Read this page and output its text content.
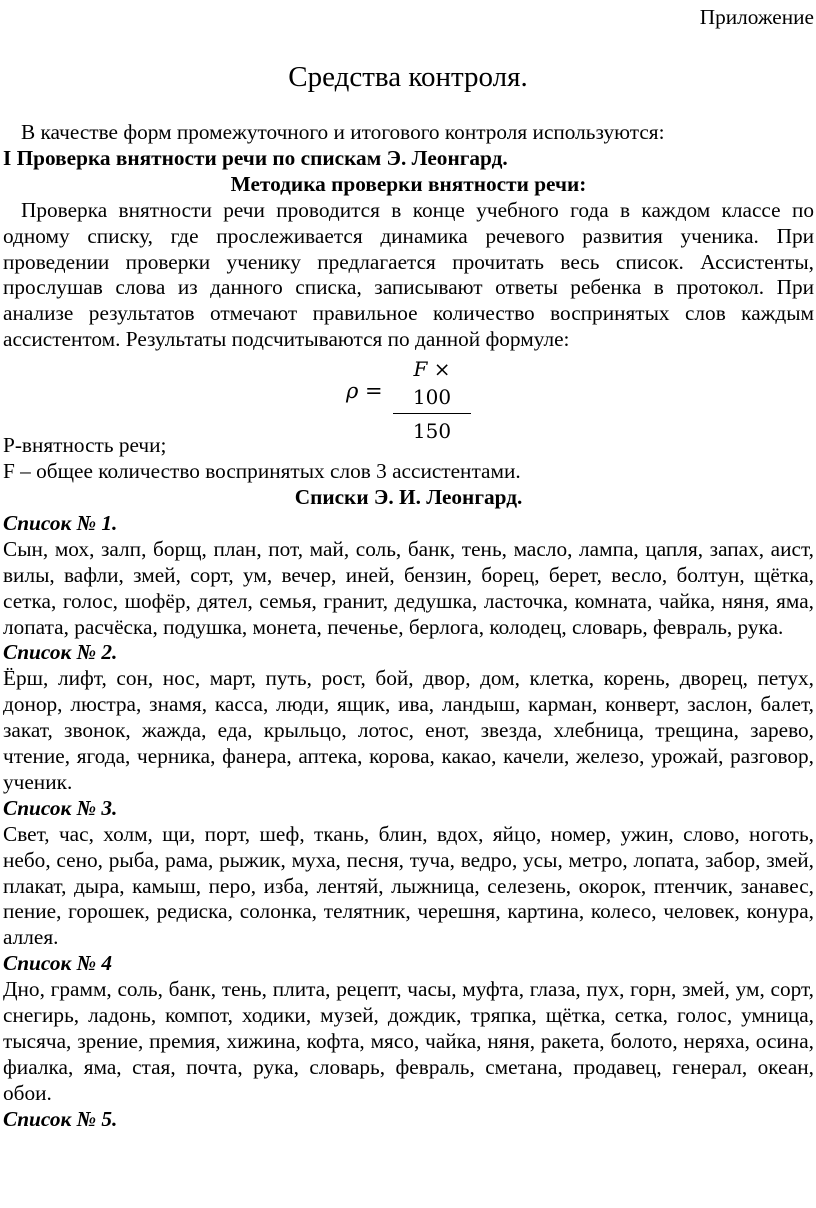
Приложение
Средства контроля.

В качестве форм промежуточного и итогового контроля используются:

I Проверка внятности речи по спискам Э. Леонгард.

Методика проверки внятности речи:

Проверка внятности речи проводится в конце учебного года в каждом классе по одному списку, где прослеживается динамика речевого развития ученика. При проведении проверки ученику предлагается прочитать весь список. Ассистенты, прослушав слова из данного списка, записывают ответы ребенка в протокол. При анализе результатов отмечают правильное количество воспринятых слов каждым ассистентом. Результаты подсчитываются по данной формуле:

ρ =
F × 100
150

Р-внятность речи;

F – общее количество воспринятых слов 3 ассистентами.

Списки Э. И. Леонгард.

Список № 1.

Сын, мох, залп, борщ, план, пот, май, соль, банк, тень, масло, лампа, цапля, запах, аист, вилы, вафли, змей, сорт, ум, вечер, иней, бензин, борец, берет, весло, болтун, щётка, сетка, голос, шофёр, дятел, семья, гранит, дедушка, ласточка, комната, чайка, няня, яма, лопата, расчёска, подушка, монета, печенье, берлога, колодец, словарь, февраль, рука.

Список № 2.

Ёрш, лифт, сон, нос, март, путь, рост, бой, двор, дом, клетка, корень, дворец, петух, донор, люстра, знамя, касса, люди, ящик, ива, ландыш, карман, конверт, заслон, балет, закат, звонок, жажда, еда, крыльцо, лотос, енот, звезда, хлебница, трещина, зарево, чтение, ягода, черника, фанера, аптека, корова, какао, качели, железо, урожай, разговор, ученик.

Список № 3.

Свет, час, холм, щи, порт, шеф, ткань, блин, вдох, яйцо, номер, ужин, слово, ноготь, небо, сено, рыба, рама, рыжик, муха, песня, туча, ведро, усы, метро, лопата, забор, змей, плакат, дыра, камыш, перо, изба, лентяй, лыжница, селезень, окорок, птенчик, занавес, пение, горошек, редиска, солонка, телятник, черешня, картина, колесо, человек, конура, аллея.

Список № 4

Дно, грамм, соль, банк, тень, плита, рецепт, часы, муфта, глаза, пух, горн, змей, ум, сорт, снегирь, ладонь, компот, ходики, музей, дождик, тряпка, щётка, сетка, голос, умница, тысяча, зрение, премия, хижина, кофта, мясо, чайка, няня, ракета, болото, неряха, осина, фиалка, яма, стая, почта, рука, словарь, февраль, сметана, продавец, генерал, океан, обои.

Список № 5.
